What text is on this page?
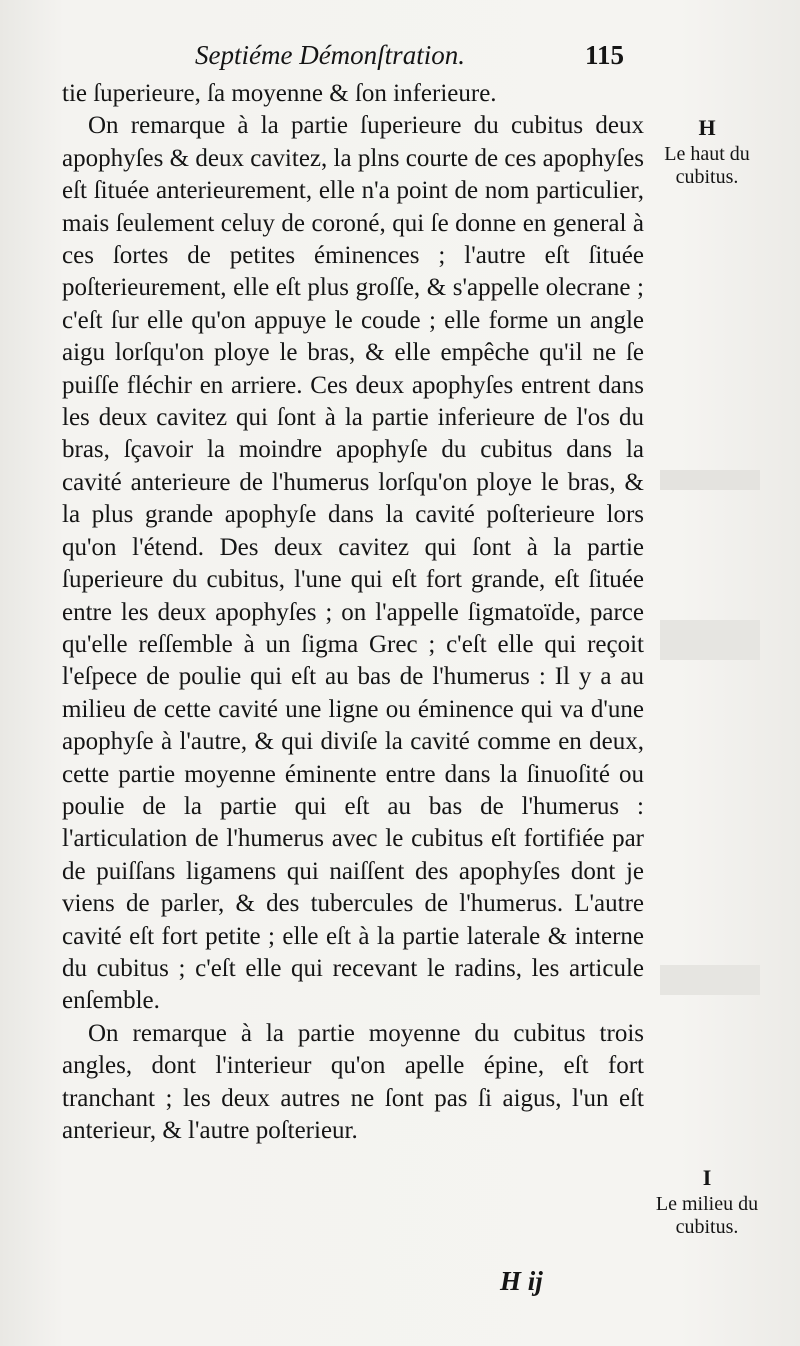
Septiéme Démonſtration.	115

tie ſuperieure, ſa moyenne & ſon inferieure.

On remarque à la partie ſuperieure du cubitus deux apophyſes & deux cavitez, la plns courte de ces apophyſes eſt ſituée anterieurement, elle n'a point de nom particulier, mais ſeulement celuy de coroné, qui ſe donne en general à ces ſortes de petites éminences ; l'autre eſt ſituée poſterieurement, elle eſt plus groſſe, & s'appelle olecrane ; c'eſt ſur elle qu'on appuye le coude ; elle forme un angle aigu lorſqu'on ploye le bras, & elle empêche qu'il ne ſe puiſſe fléchir en arriere. Ces deux apophyſes entrent dans les deux cavitez qui ſont à la partie inferieure de l'os du bras, ſçavoir la moindre apophyſe du cubitus dans la cavité anterieure de l'humerus lorſqu'on ploye le bras, & la plus grande apophyſe dans la cavité poſterieure lors qu'on l'étend. Des deux cavitez qui ſont à la partie ſuperieure du cubitus, l'une qui eſt fort grande, eſt ſituée entre les deux apophyſes ; on l'appelle ſigmatoïde, parce qu'elle reſſemble à un ſigma Grec ; c'eſt elle qui reçoit l'eſpece de poulie qui eſt au bas de l'humerus : Il y a au milieu de cette cavité une ligne ou éminence qui va d'une apophyſe à l'autre, & qui diviſe la cavité comme en deux, cette partie moyenne éminente entre dans la ſinuoſité ou poulie de la partie qui eſt au bas de l'humerus : l'articulation de l'humerus avec le cubitus eſt fortifiée par de puiſſans ligamens qui naiſſent des apophyſes dont je viens de parler, & des tubercules de l'humerus. L'autre cavité eſt fort petite ; elle eſt à la partie laterale & interne du cubitus ; c'eſt elle qui recevant le radins, les articule enſemble.

On remarque à la partie moyenne du cubitus trois angles, dont l'interieur qu'on apelle épine, eſt fort tranchant ; les deux autres ne ſont pas ſi aigus, l'un eſt anterieur, & l'autre poſterieur.

H
Le haut du cubitus.
I
Le milieu du cubitus.
H ij
